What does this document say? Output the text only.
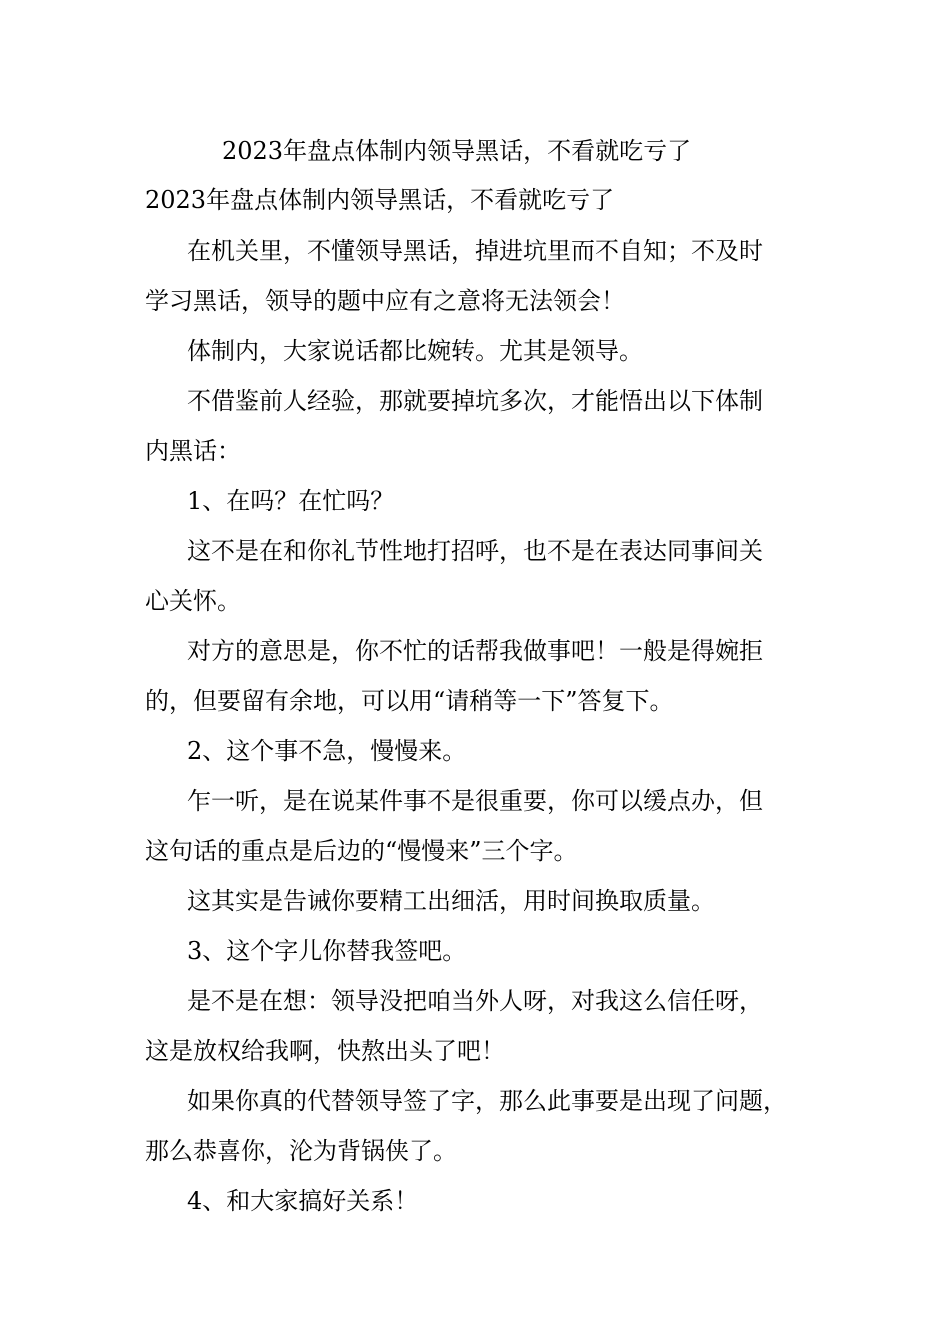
2023年盘点体制内领导黑话，不看就吃亏了
2023年盘点体制内领导黑话，不看就吃亏了
在机关里，不懂领导黑话，掉进坑里而不自知；不及时
学习黑话，领导的题中应有之意将无法领会！
体制内，大家说话都比婉转。尤其是领导。
不借鉴前人经验，那就要掉坑多次，才能悟出以下体制
内黑话：
1、在吗？在忙吗？
这不是在和你礼节性地打招呼，也不是在表达同事间关
心关怀。
对方的意思是，你不忙的话帮我做事吧！一般是得婉拒
的，但要留有余地，可以用“请稍等一下”答复下。
2、这个事不急，慢慢来。
乍一听，是在说某件事不是很重要，你可以缓点办，但
这句话的重点是后边的“慢慢来”三个字。
这其实是告诫你要精工出细活，用时间换取质量。
3、这个字儿你替我签吧。
是不是在想：领导没把咱当外人呀，对我这么信任呀，
这是放权给我啊，快熬出头了吧！
如果你真的代替领导签了字，那么此事要是出现了问题，
那么恭喜你，沦为背锅侠了。
4、和大家搞好关系！
